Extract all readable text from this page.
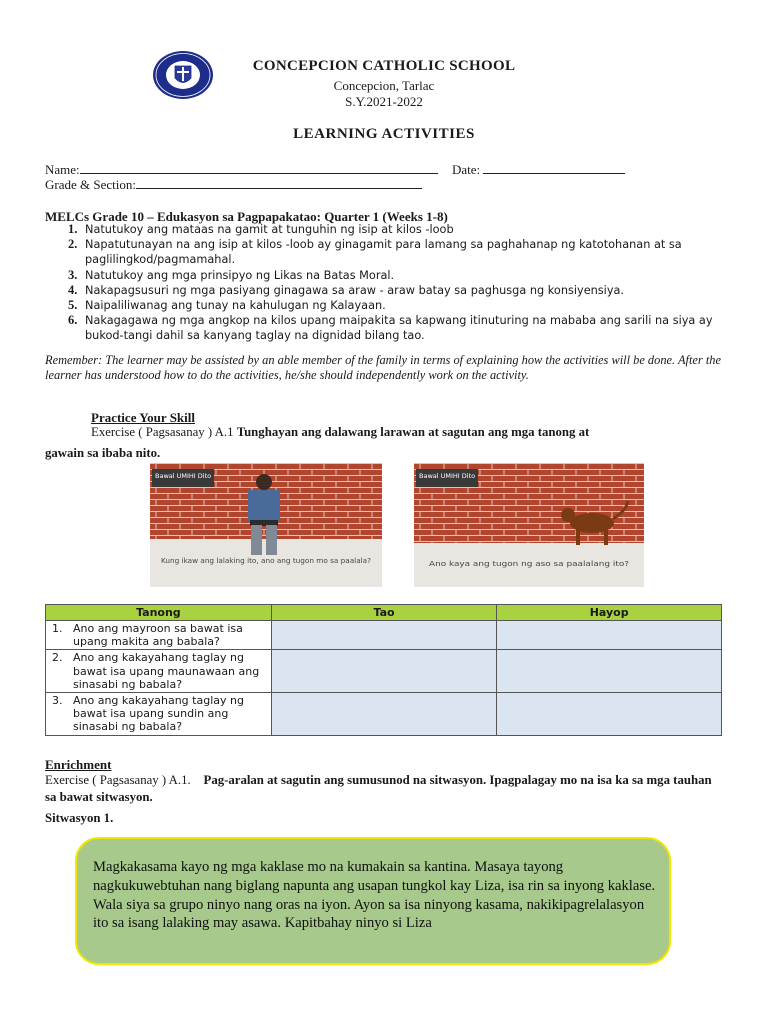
CONCEPCION CATHOLIC SCHOOL
CONCEPCION CATHOLIC SCHOOL
Concepcion, Tarlac
S.Y.2021-2022
LEARNING ACTIVITIES
Name:	Date:
Grade & Section:
MELCs Grade 10 – Edukasyon sa Pagpapakatao: Quarter 1 (Weeks 1-8)
1. Natutukoy ang mataas na gamit at tunguhin ng isip at kilos -loob
2. Napatutunayan na ang isip at kilos -loob ay ginagamit para lamang sa paghahanap ng katotohanan at sa paglilingkod/pagmamahal.
3. Natutukoy ang mga prinsipyo ng Likas na Batas Moral.
4. Nakapagsusuri ng mga pasiyang ginagawa sa araw - araw batay sa paghusga ng konsiyensiya.
5. Naipaliliwanag ang tunay na kahulugan ng Kalayaan.
6. Nakagagawa ng mga angkop na kilos upang maipakita sa kapwang itinuturing na mababa ang sarili na siya ay bukod-tangi dahil sa kanyang taglay na dignidad bilang tao.
Remember: The learner may be assisted by an able member of the family in terms of explaining how the activities will be done. After the learner has understood how to do the activities, he/she should independently work on the activity.
Practice Your Skill
Exercise ( Pagsasanay ) A.1 Tunghayan ang dalawang larawan at sagutan ang mga tanong at
gawain sa ibaba nito.
Bawal UMIHI Dito
Kung ikaw ang lalaking ito, ano ang tugon mo sa paalala?
Bawal UMIHI Dito
Ano kaya ang tugon ng aso sa paalalang ito?
Tanong	Tao	Hayop

1. Ano ang mayroon sa bawat isa upang makita ang babala?		

2. Ano ang kakayahang taglay ng bawat isa upang maunawaan ang sinasabi ng babala?		

3. Ano ang kakayahang taglay ng bawat isa upang sundin ang sinasabi ng babala?		

Enrichment
Exercise ( Pagsasanay ) A.1. Pag-aralan at sagutin ang sumusunod na sitwasyon. Ipagpalagay mo na isa ka sa mga tauhan sa bawat sitwasyon.
Sitwasyon 1.
Magkakasama kayo ng mga kaklase mo na kumakain sa kantina. Masaya tayong nagkukuwebtuhan nang biglang napunta ang usapan tungkol kay Liza, isa rin sa inyong kaklase. Wala siya sa grupo ninyo nang oras na iyon. Ayon sa isa ninyong kasama, nakikipagrelalasyon ito sa isang lalaking may asawa. Kapitbahay ninyo si Liza
